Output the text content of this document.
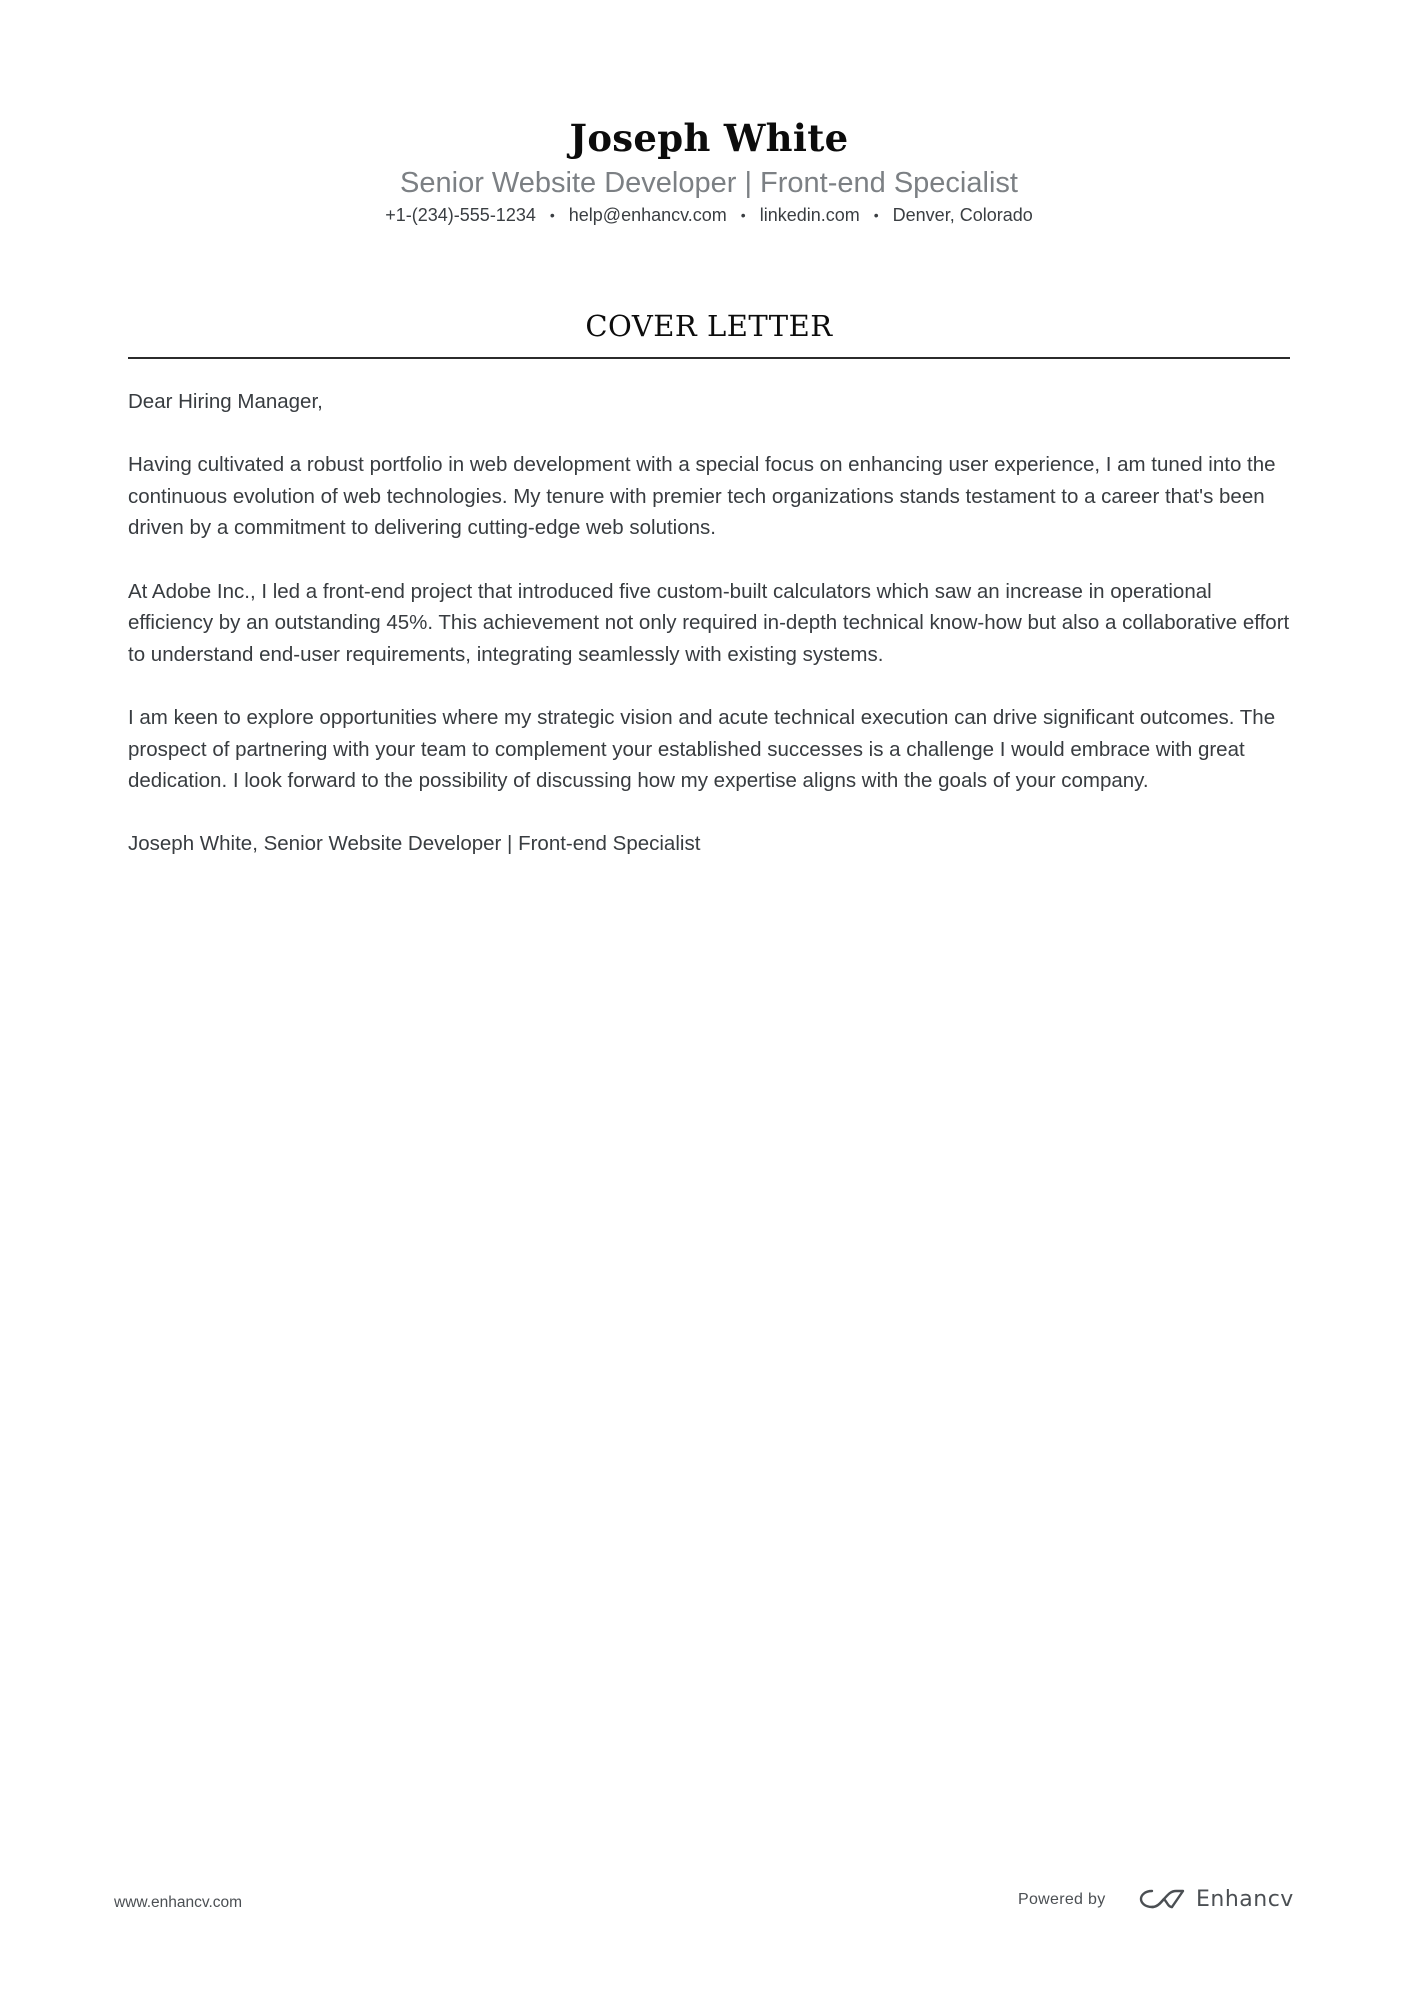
Joseph White

Senior Website Developer | Front-end Specialist

+1-(234)-555-1234 • help@enhancv.com • linkedin.com • Denver, Colorado

COVER LETTER

Dear Hiring Manager,

Having cultivated a robust portfolio in web development with a special focus on enhancing user experience, I am tuned into the continuous evolution of web technologies. My tenure with premier tech organizations stands testament to a career that's been driven by a commitment to delivering cutting-edge web solutions.

At Adobe Inc., I led a front-end project that introduced five custom-built calculators which saw an increase in operational efficiency by an outstanding 45%. This achievement not only required in-depth technical know-how but also a collaborative effort to understand end-user requirements, integrating seamlessly with existing systems.

I am keen to explore opportunities where my strategic vision and acute technical execution can drive significant outcomes. The prospect of partnering with your team to complement your established successes is a challenge I would embrace with great dedication. I look forward to the possibility of discussing how my expertise aligns with the goals of your company.

Joseph White, Senior Website Developer | Front-end Specialist

www.enhancv.com	Powered by	Enhancv
